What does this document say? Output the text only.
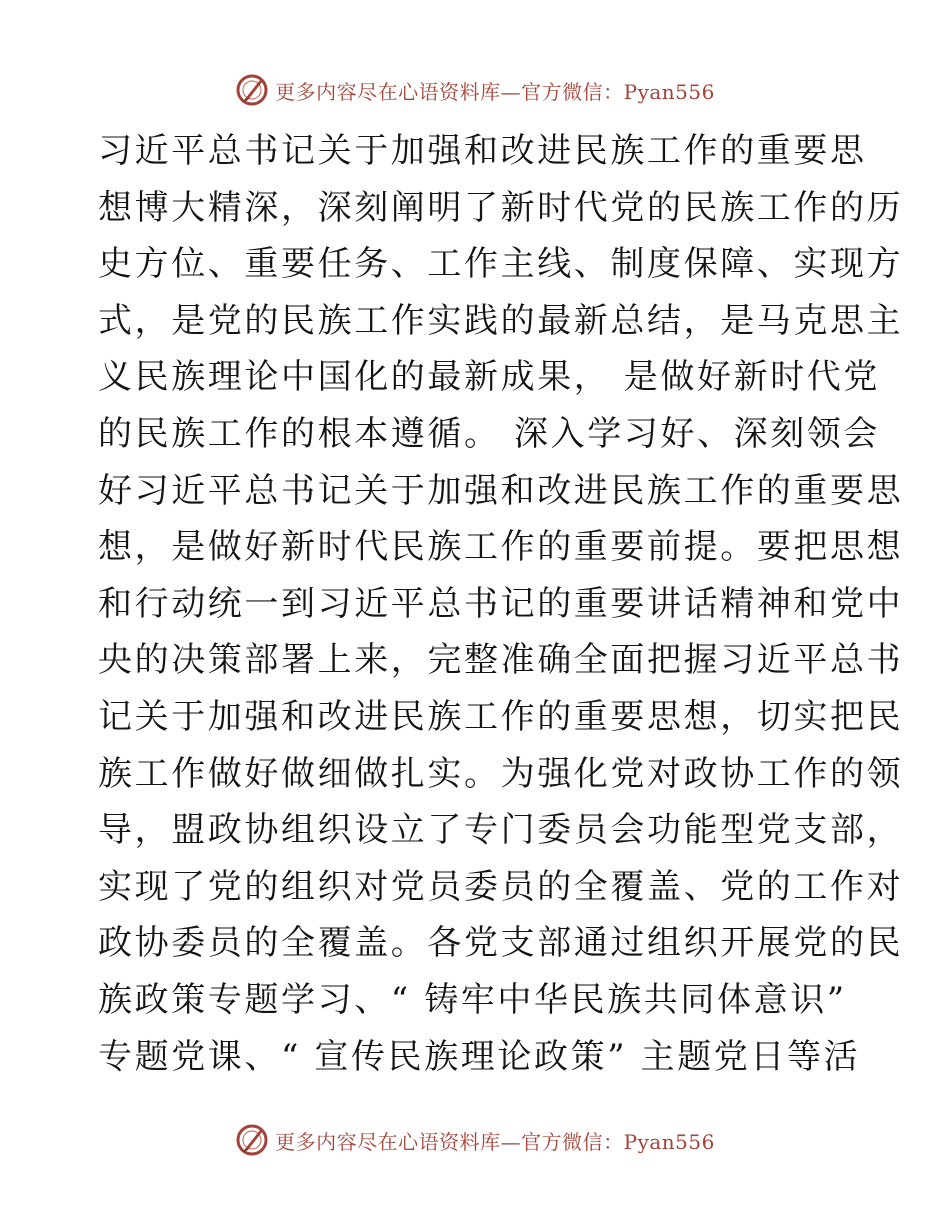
更多内容尽在心语资料库—官方微信：Pyan556
习近平总书记关于加强和改进民族工作的重要思
想博大精深，深刻阐明了新时代党的民族工作的历
史方位、重要任务、工作主线、制度保障、实现方
式，是党的民族工作实践的最新总结，是马克思主
义民族理论中国化的最新成果， 是做好新时代党
的民族工作的根本遵循。 深入学习好、深刻领会
好习近平总书记关于加强和改进民族工作的重要思
想，是做好新时代民族工作的重要前提。要把思想
和行动统一到习近平总书记的重要讲话精神和党中
央的决策部署上来，完整准确全面把握习近平总书
记关于加强和改进民族工作的重要思想，切实把民
族工作做好做细做扎实。为强化党对政协工作的领
导，盟政协组织设立了专门委员会功能型党支部，
实现了党的组织对党员委员的全覆盖、党的工作对
政协委员的全覆盖。各党支部通过组织开展党的民
族政策专题学习、“ 铸牢中华民族共同体意识”
专题党课、“ 宣传民族理论政策” 主题党日等活
更多内容尽在心语资料库—官方微信：Pyan556
